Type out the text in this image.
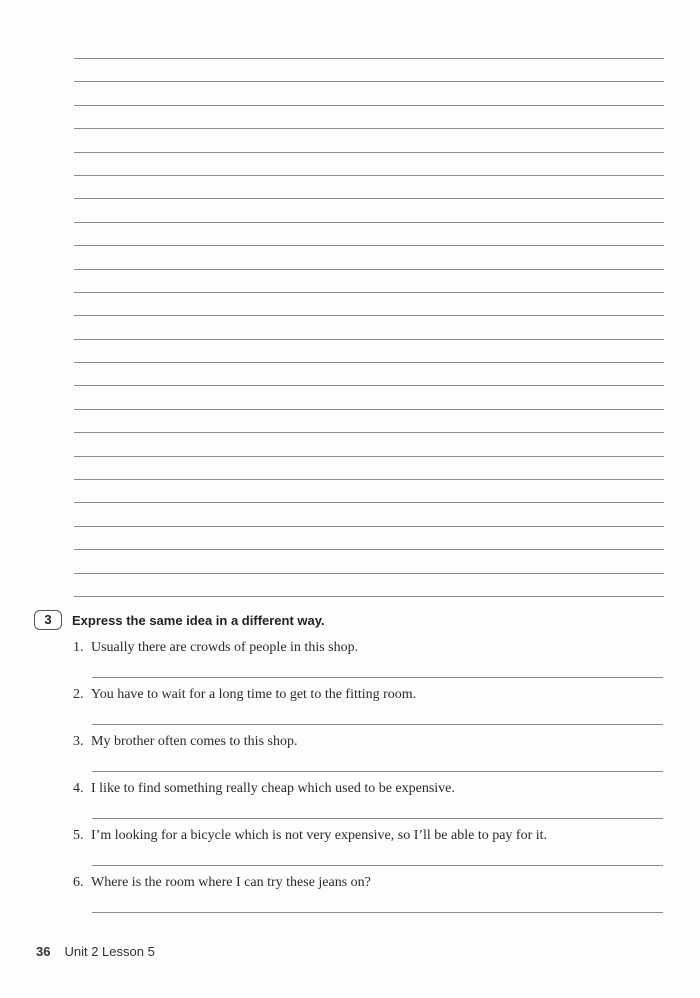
3	Express the same idea in a different way.
1. Usually there are crowds of people in this shop.
2. You have to wait for a long time to get to the fitting room.
3. My brother often comes to this shop.
4. I like to find something really cheap which used to be expensive.
5. I’m looking for a bicycle which is not very expensive, so I’ll be able to pay for it.
6. Where is the room where I can try these jeans on?
36 Unit 2 Lesson 5
